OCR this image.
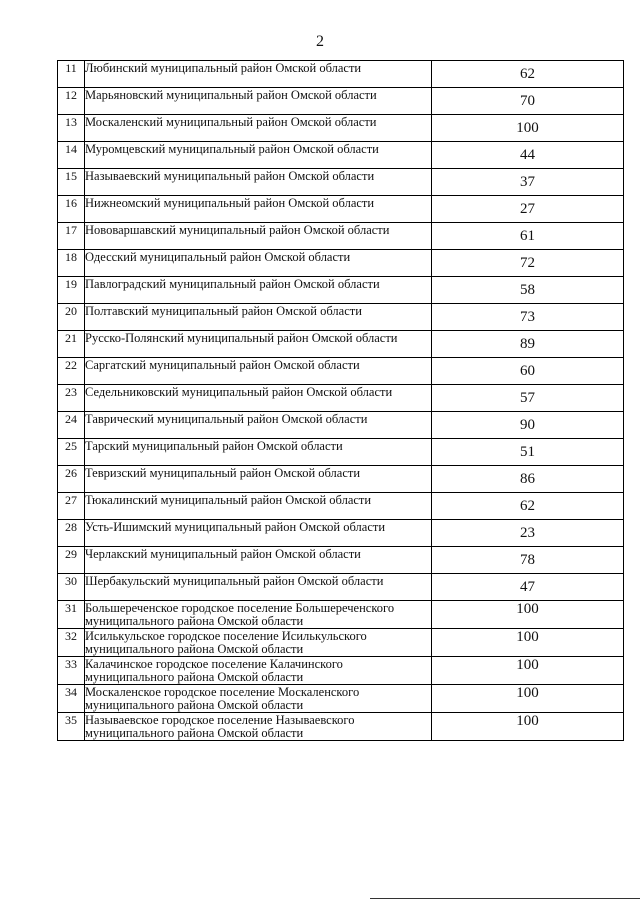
2
11	Любинский муниципальный район Омской области	62
12	Марьяновский муниципальный район Омской области	70
13	Москаленский муниципальный район Омской области	100
14	Муромцевский муниципальный район Омской области	44
15	Называевский муниципальный район Омской области	37
16	Нижнеомский муниципальный район Омской области	27
17	Нововаршавский муниципальный район Омской области	61
18	Одесский муниципальный район Омской области	72
19	Павлоградский муниципальный район Омской области	58
20	Полтавский муниципальный район Омской области	73
21	Русско-Полянский муниципальный район Омской области	89
22	Саргатский муниципальный район Омской области	60
23	Седельниковский муниципальный район Омской области	57
24	Таврический муниципальный район Омской области	90
25	Тарский муниципальный район Омской области	51
26	Тевризский муниципальный район Омской области	86
27	Тюкалинский муниципальный район Омской области	62
28	Усть-Ишимский муниципальный район Омской области	23
29	Черлакский муниципальный район Омской области	78
30	Шербакульский муниципальный район Омской области	47
31	Большереченское городское поселение Большереченского муниципального района Омской области	100
32	Исилькульское городское поселение Исилькульского муниципального района Омской области	100
33	Калачинское городское поселение Калачинского муниципального района Омской области	100
34	Москаленское городское поселение Москаленского муниципального района Омской области	100
35	Называевское городское поселение Называевского муниципального района Омской области	100
